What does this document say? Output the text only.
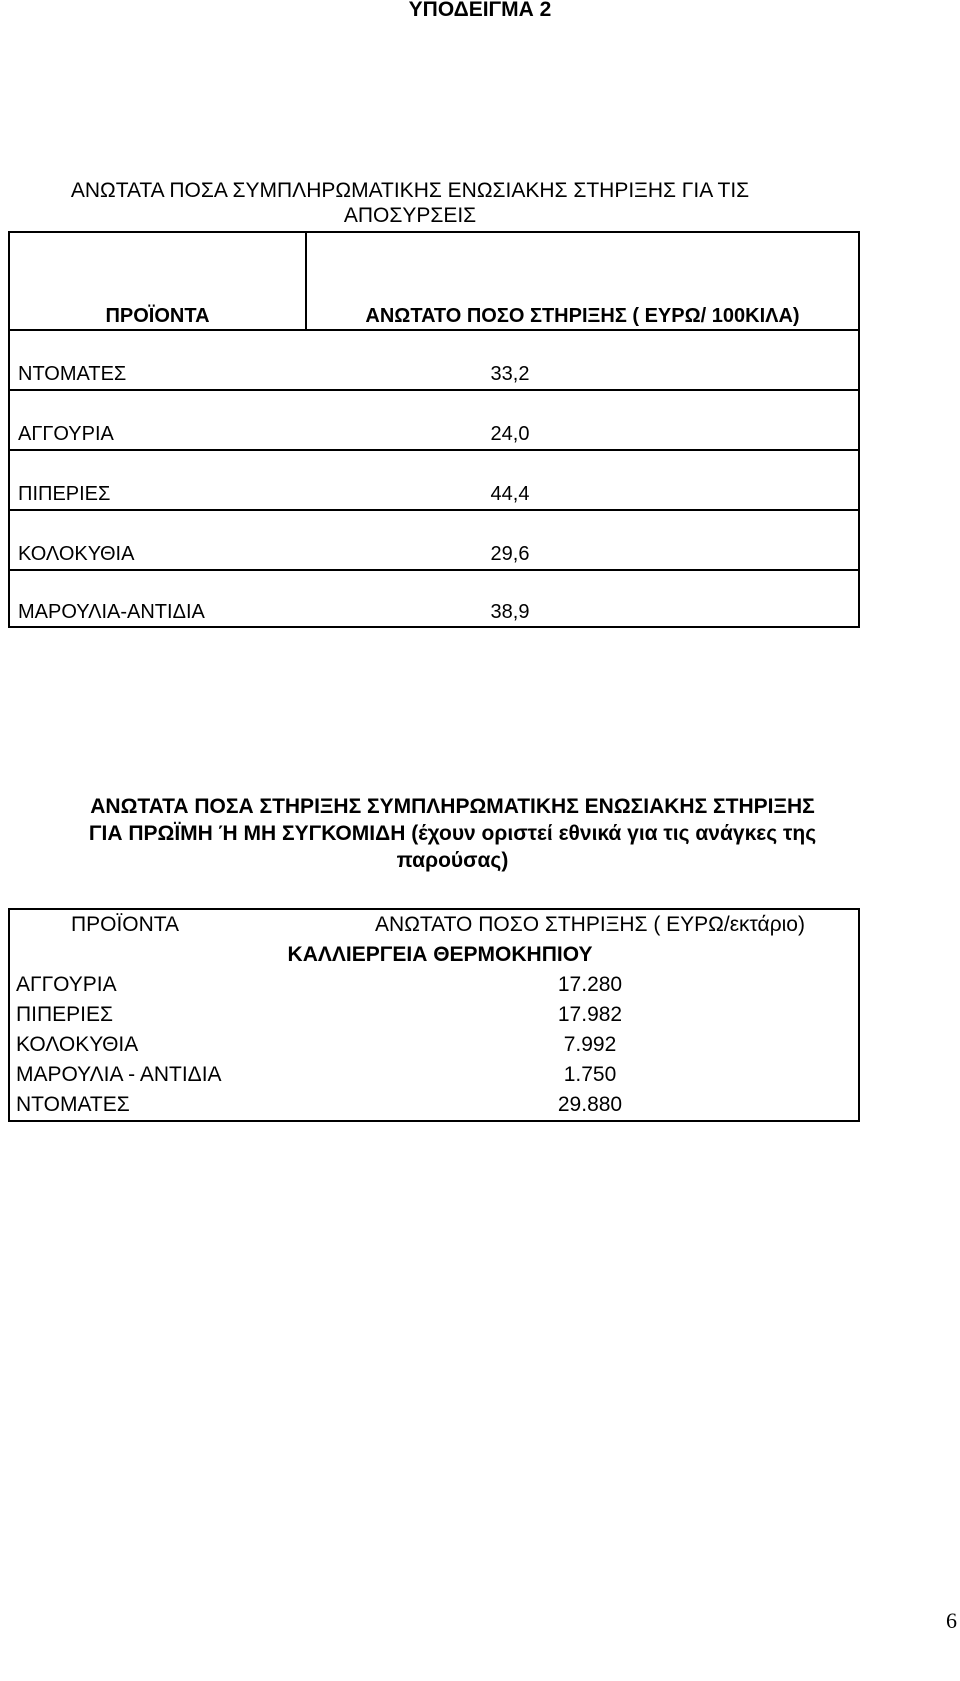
ΥΠΟΔΕΙΓΜΑ 2
ΑΝΩΤΑΤΑ ΠΟΣΑ ΣΥΜΠΛΗΡΩΜΑΤΙΚΗΣ ΕΝΩΣΙΑΚΗΣ ΣΤΗΡΙΞΗΣ ΓΙΑ ΤΙΣ
ΑΠΟΣΥΡΣΕΙΣ
ΠΡΟΪΟΝΤΑ	ΑΝΩΤΑΤΟ ΠΟΣΟ ΣΤΗΡΙΞΗΣ ( ΕΥΡΩ/ 100ΚΙΛΑ)
ΝΤΟΜΑΤΕΣ	33,2
ΑΓΓΟΥΡΙΑ	24,0
ΠΙΠΕΡΙΕΣ	44,4
ΚΟΛΟΚΥΘΙΑ	29,6
ΜΑΡΟΥΛΙΑ-ΑΝΤΙΔΙΑ	38,9
ΑΝΩΤΑΤΑ ΠΟΣΑ ΣΤΗΡΙΞΗΣ ΣΥΜΠΛΗΡΩΜΑΤΙΚΗΣ ΕΝΩΣΙΑΚΗΣ ΣΤΗΡΙΞΗΣ
ΓΙΑ ΠΡΩΪΜΗ Ή ΜΗ ΣΥΓΚΟΜΙΔΗ (έχουν οριστεί εθνικά για τις ανάγκες της
παρούσας)
ΠΡΟΪΟΝΤΑ	ΑΝΩΤΑΤΟ ΠΟΣΟ ΣΤΗΡΙΞΗΣ ( ΕΥΡΩ/εκτάριο)
ΚΑΛΛΙΕΡΓΕΙΑ ΘΕΡΜΟΚΗΠΙΟΥ
ΑΓΓΟΥΡΙΑ	17.280
ΠΙΠΕΡΙΕΣ	17.982
ΚΟΛΟΚΥΘΙΑ	7.992
ΜΑΡΟΥΛΙΑ - ΑΝΤΙΔΙΑ	1.750
ΝΤΟΜΑΤΕΣ	29.880
6
